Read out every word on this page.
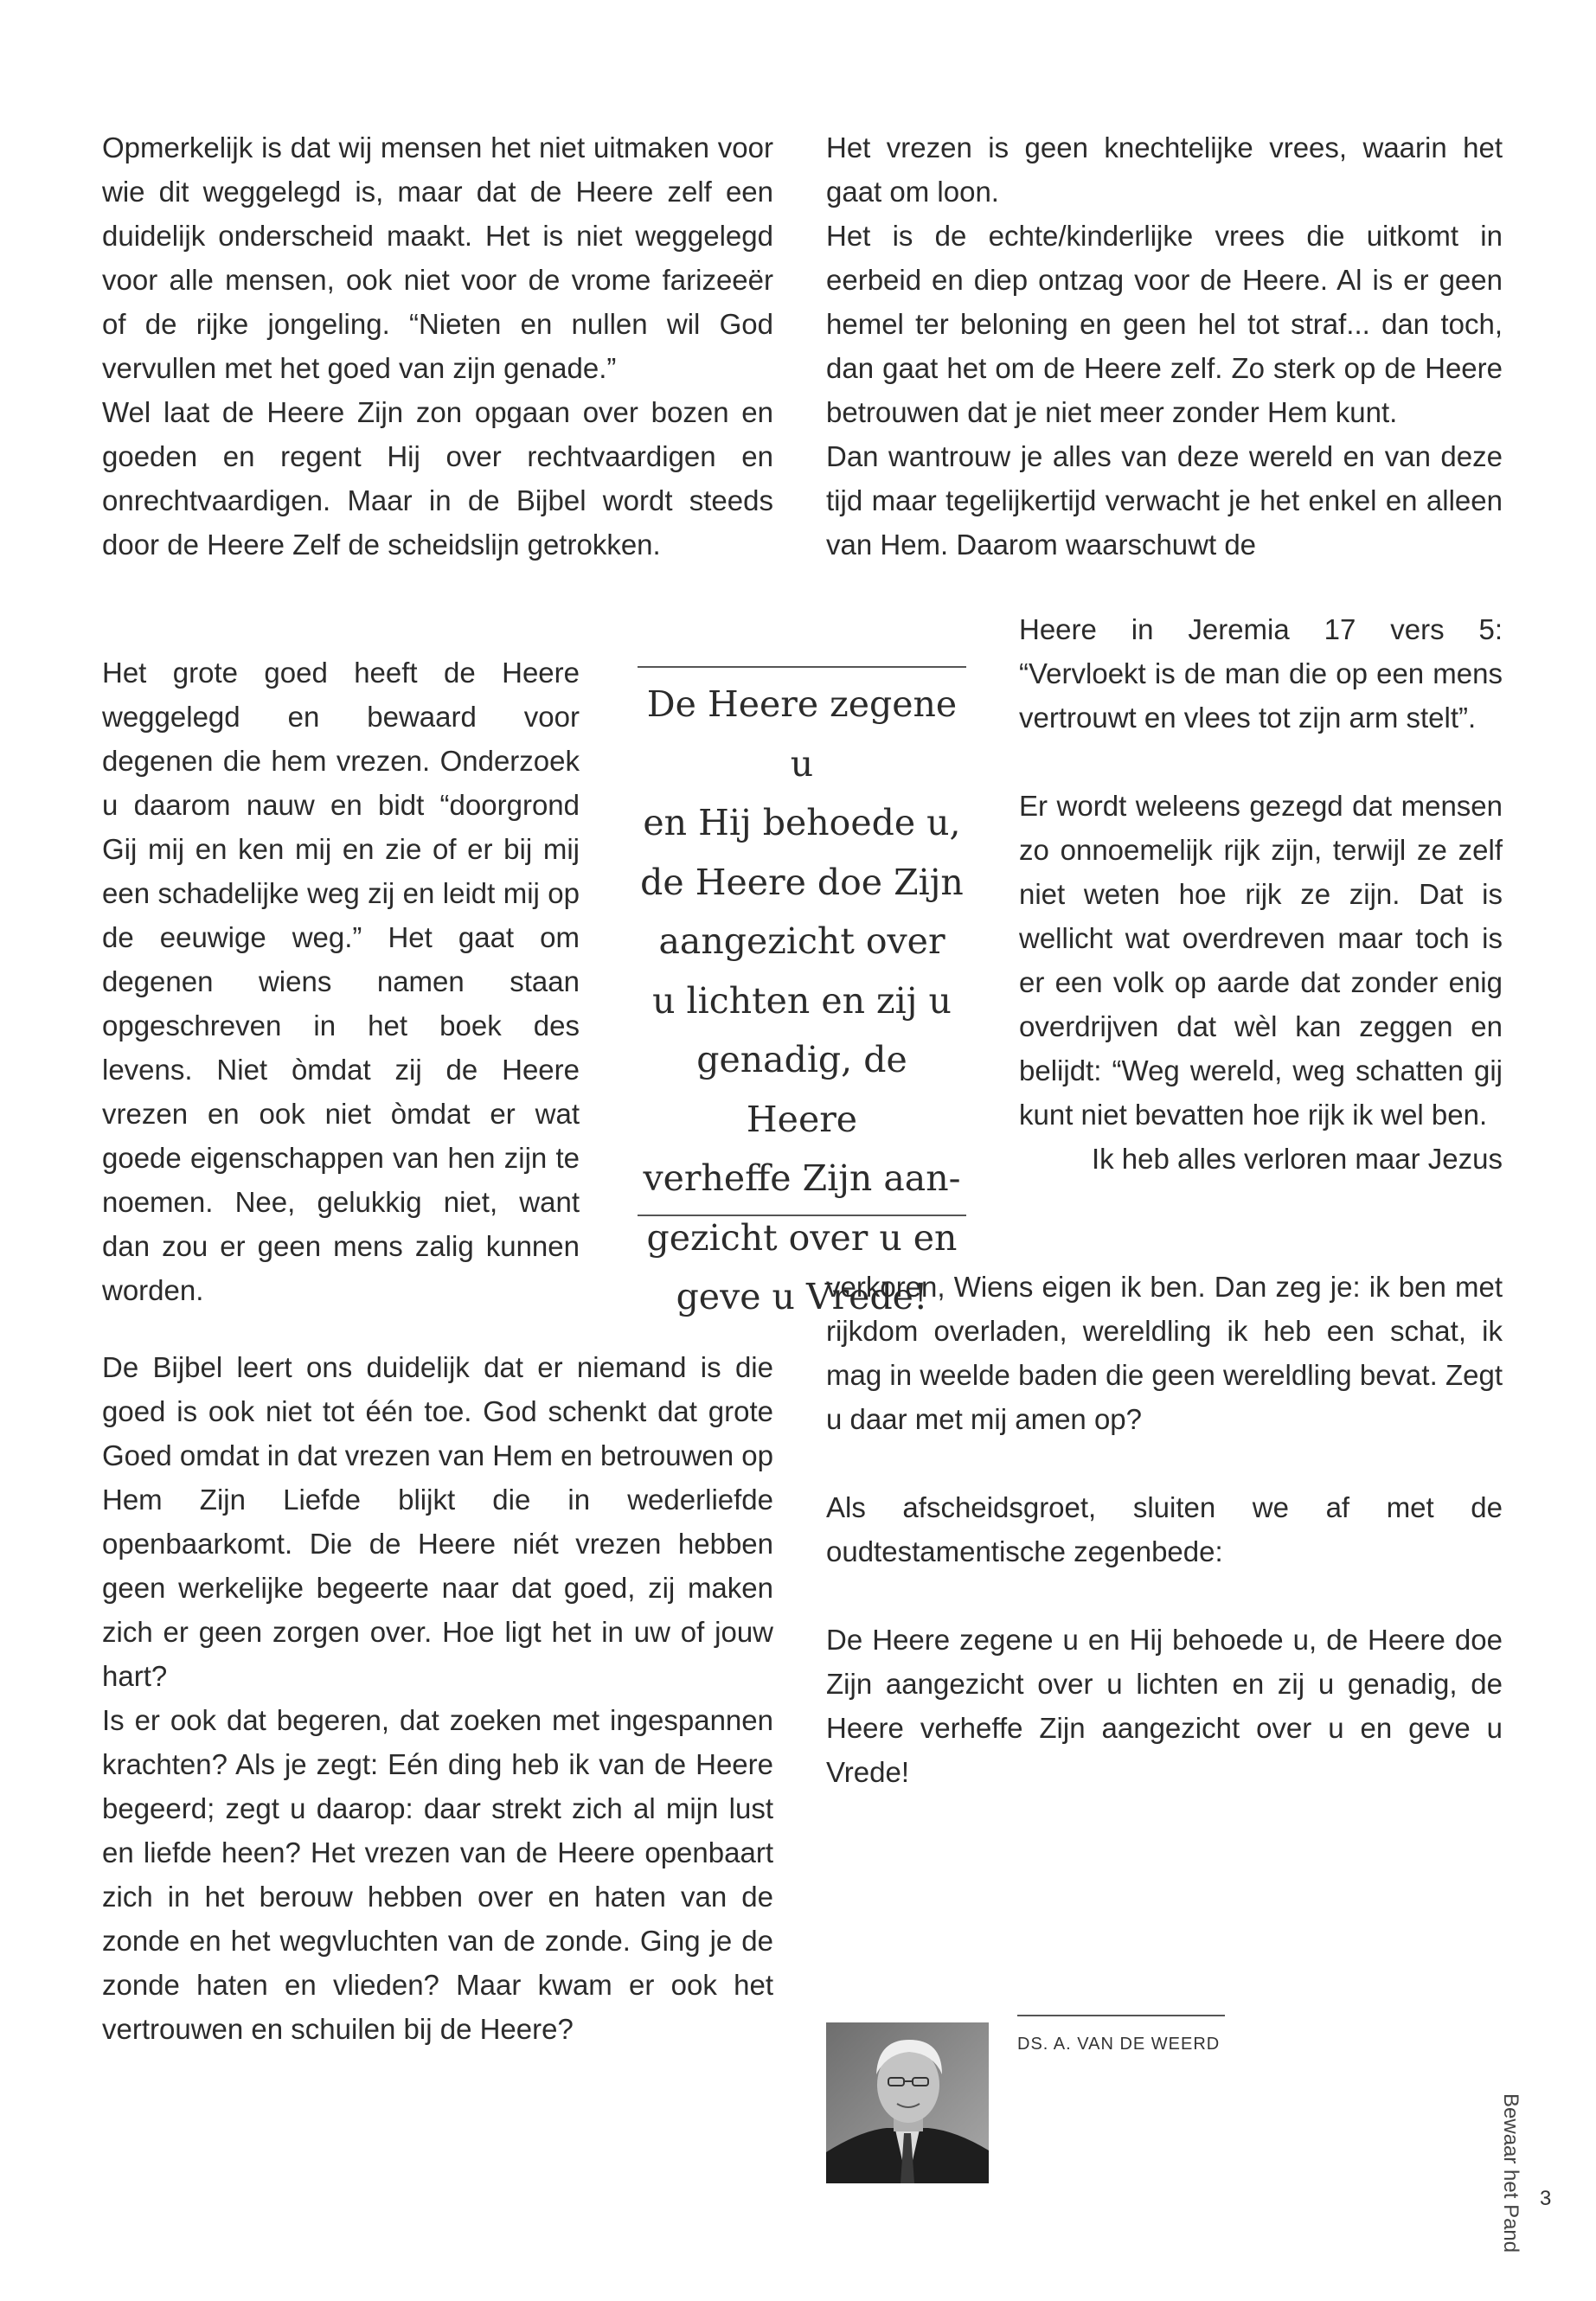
Opmerkelijk is dat wij mensen het niet uitmaken voor wie dit weggelegd is, maar dat de Heere zelf een duidelijk onderscheid maakt. Het is niet weggelegd voor alle mensen, ook niet voor de vrome farizeeër of de rijke jongeling. “Nieten en nullen wil God vervullen met het goed van zijn genade.”

Wel laat de Heere Zijn zon opgaan over bozen en goeden en regent Hij over rechtvaardigen en onrechtvaardigen. Maar in de Bijbel wordt steeds door de Heere Zelf de scheidslijn getrokken.

Het grote goed heeft de Heere weggelegd en bewaard voor degenen die hem vrezen. Onderzoek u daarom nauw en bidt “doorgrond Gij mij en ken mij en zie of er bij mij een schadelijke weg zij en leidt mij op de eeuwige weg.” Het gaat om degenen wiens namen staan opgeschreven in het boek des levens. Niet òmdat zij de Heere vrezen en ook niet òmdat er wat goede eigenschappen van hen zijn te noemen. Nee, gelukkig niet, want dan zou er geen mens zalig kunnen worden.

De Bijbel leert ons duidelijk dat er niemand is die goed is ook niet tot één toe. God schenkt dat grote Goed omdat in dat vrezen van Hem en betrouwen op Hem Zijn Liefde blijkt die in wederliefde openbaarkomt. Die de Heere niét vrezen hebben geen werkelijke begeerte naar dat goed, zij maken zich er geen zorgen over. Hoe ligt het in uw of jouw hart?

Is er ook dat begeren, dat zoeken met ingespannen krachten? Als je zegt: Eén ding heb ik van de Heere begeerd; zegt u daarop: daar strekt zich al mijn lust en liefde heen? Het vrezen van de Heere openbaart zich in het berouw hebben over en haten van de zonde en het wegvluchten van de zonde. Ging je de zonde haten en vlieden? Maar kwam er ook het vertrouwen en schuilen bij de Heere?

De Heere zegene u
en Hij behoede u,
de Heere doe Zijn
aangezicht over
u lichten en zij u
genadig, de Heere
verheffe Zijn aan-
gezicht over u en
geve u Vrede!

Het vrezen is geen knechtelijke vrees, waarin het gaat om loon.

Het is de echte/kinderlijke vrees die uitkomt in eerbeid en diep ontzag voor de Heere. Al is er geen hemel ter beloning en geen hel tot straf... dan toch, dan gaat het om de Heere zelf. Zo sterk op de Heere betrouwen dat je niet meer zonder Hem kunt.

Dan wantrouw je alles van deze wereld en van deze tijd maar tegelijkertijd verwacht je het enkel en alleen van Hem. Daarom waarschuwt de

Heere in Jeremia 17 vers 5: “Vervloekt is de man die op een mens vertrouwt en vlees tot zijn arm stelt”.

Er wordt weleens gezegd dat mensen zo onnoemelijk rijk zijn, terwijl ze zelf niet weten hoe rijk ze zijn. Dat is wellicht wat overdreven maar toch is er een volk op aarde dat zonder enig overdrijven dat wèl kan zeggen en belijdt: “Weg wereld, weg schatten gij kunt niet bevatten hoe rijk ik wel ben.

Ik heb alles verloren maar Jezus

verkoren, Wiens eigen ik ben. Dan zeg je: ik ben met rijkdom overladen, wereldling ik heb een schat, ik mag in weelde baden die geen wereldling bevat. Zegt u daar met mij amen op?

Als afscheidsgroet, sluiten we af met de oudtestamentische zegenbede:

De Heere zegene u en Hij behoede u, de Heere doe Zijn aangezicht over u lichten en zij u genadig, de Heere verheffe Zijn aangezicht over u en geve u Vrede!

DS. A. VAN DE WEERD
Bewaar het Pand 3
